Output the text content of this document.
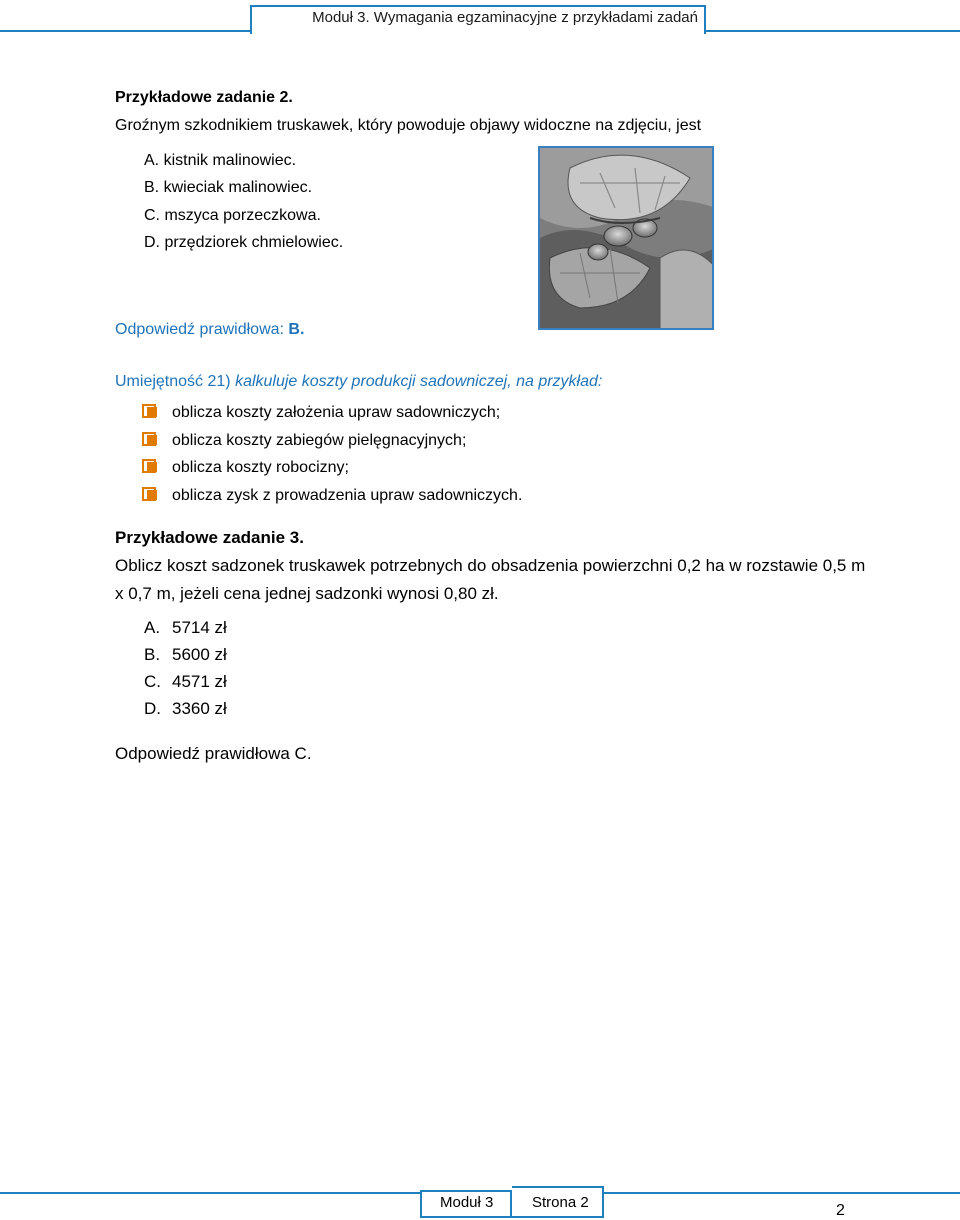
Moduł 3. Wymagania egzaminacyjne z przykładami zadań
Przykładowe zadanie 2.
Groźnym szkodnikiem truskawek, który powoduje objawy widoczne na zdjęciu, jest
A. kistnik malinowiec.
B. kwieciak malinowiec.
C. mszyca porzeczkowa.
D. przędziorek chmielowiec.
Odpowiedź prawidłowa: B.
Umiejętność 21) kalkuluje koszty produkcji sadowniczej, na przykład:
oblicza koszty założenia upraw sadowniczych;
oblicza koszty zabiegów pielęgnacyjnych;
oblicza koszty robocizny;
oblicza zysk z prowadzenia upraw sadowniczych.
Przykładowe zadanie 3.
Oblicz koszt sadzonek truskawek potrzebnych do obsadzenia powierzchni 0,2 ha w rozstawie 0,5 m x 0,7 m, jeżeli cena jednej sadzonki wynosi 0,80 zł.
A. 5714 zł
B. 5600 zł
C. 4571 zł
D. 3360 zł
Odpowiedź prawidłowa C.
Moduł 3	Strona 2	2
